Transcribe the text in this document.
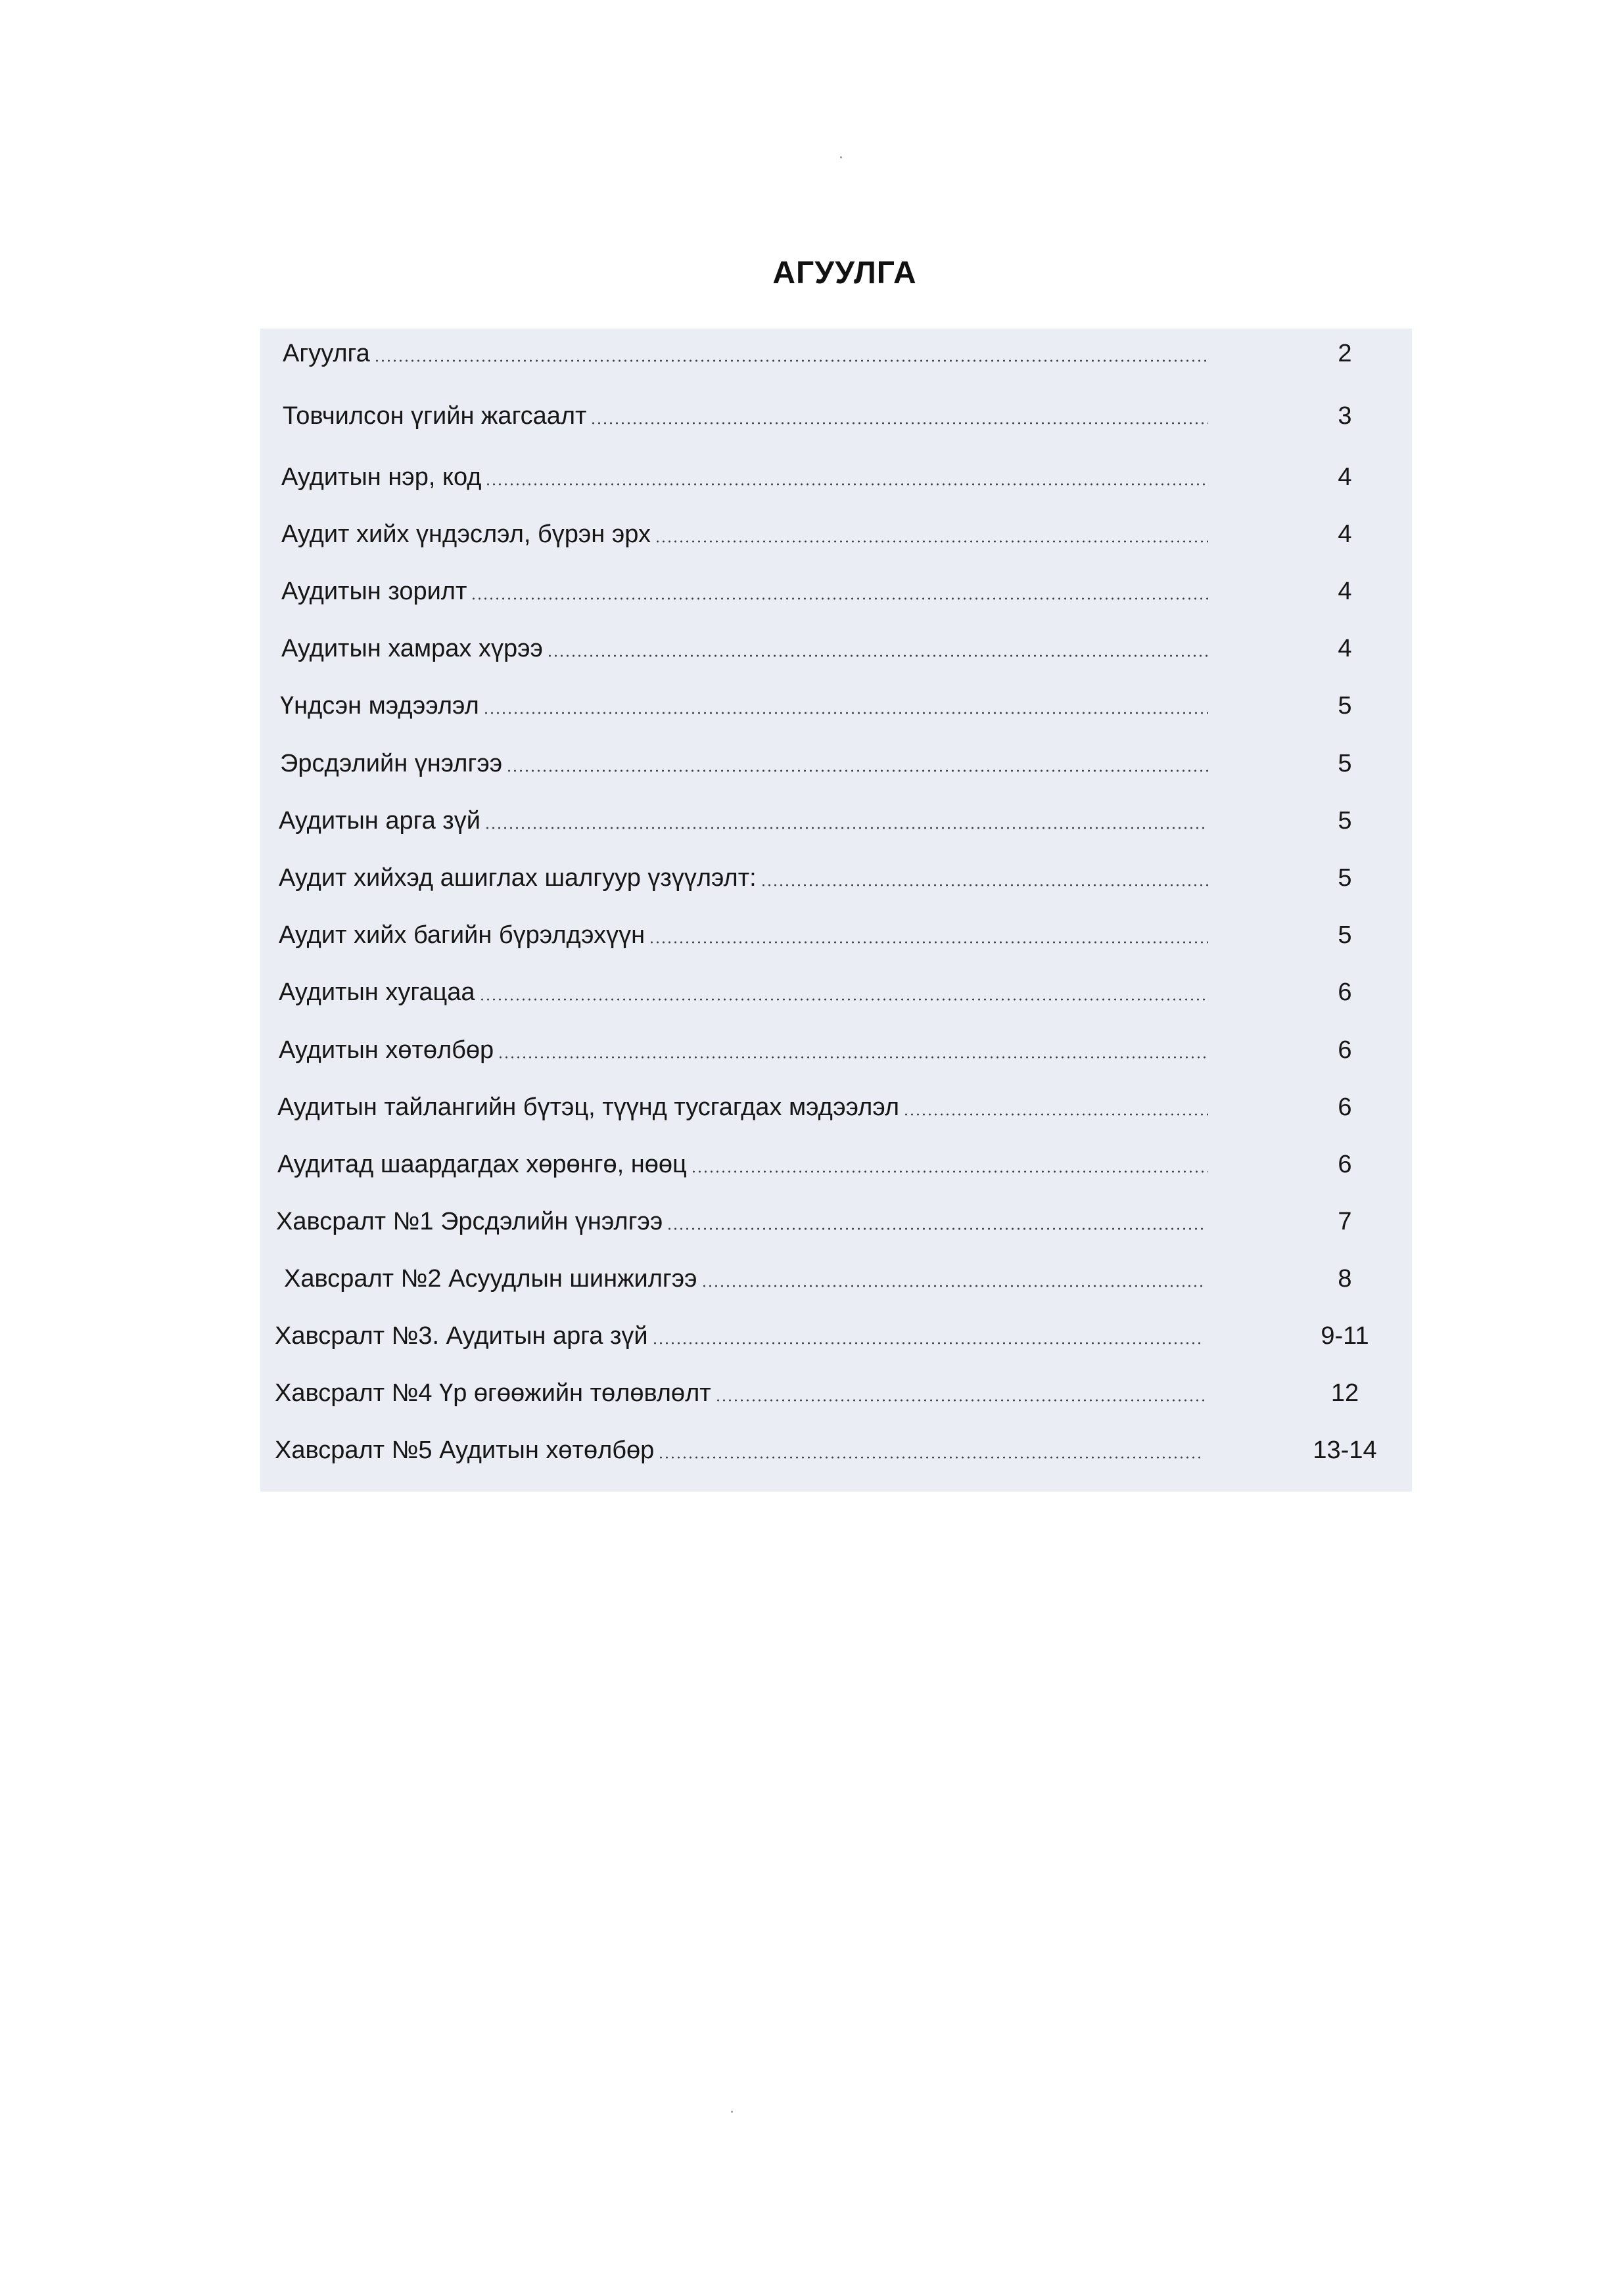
АГУУЛГА
Агуулга	2
Товчилсон үгийн жагсаалт	3
Аудитын нэр, код	4
Аудит хийх үндэслэл, бүрэн эрх	4
Аудитын зорилт	4
Аудитын хамрах хүрээ	4
Үндсэн мэдээлэл	5
Эрсдэлийн үнэлгээ	5
Аудитын арга зүй	5
Аудит хийхэд ашиглах шалгуур үзүүлэлт:	5
Аудит хийх багийн бүрэлдэхүүн	5
Аудитын хугацаа	6
Аудитын хөтөлбөр	6
Аудитын тайлангийн бүтэц, түүнд тусгагдах мэдээлэл	6
Аудитад шаардагдах хөрөнгө, нөөц	6
Хавсралт №1 Эрсдэлийн үнэлгээ	7
Хавсралт №2 Асуудлын шинжилгээ	8
Хавсралт №3. Аудитын арга зүй	9-11
Хавсралт №4 Үр өгөөжийн төлөвлөлт	12
Хавсралт №5 Аудитын хөтөлбөр	13-14
